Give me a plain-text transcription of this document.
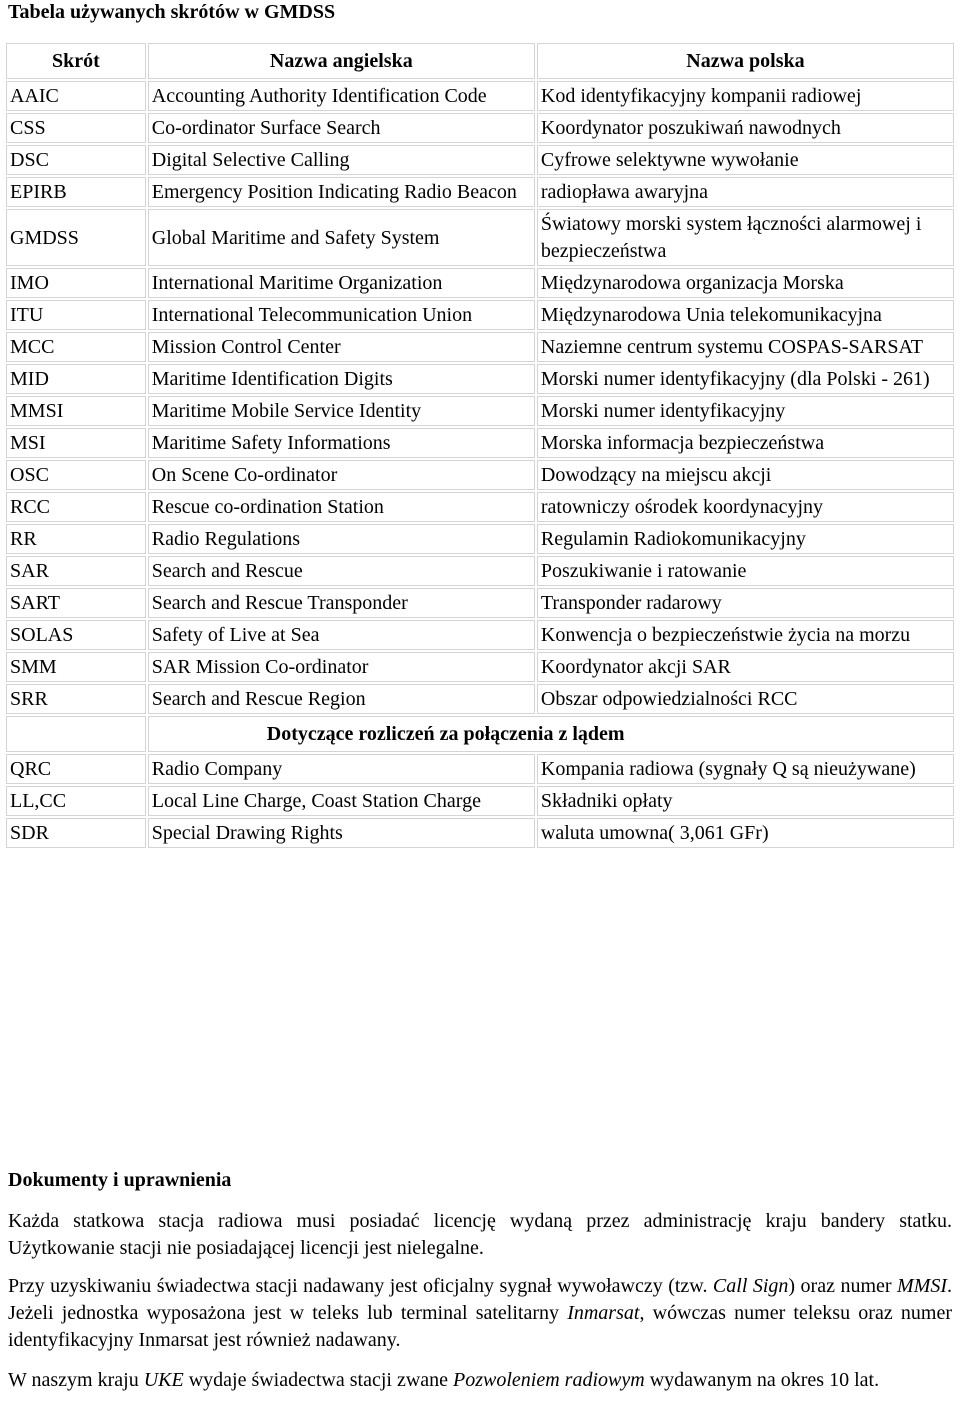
Tabela używanych skrótów w GMDSS
Skrót	Nazwa angielska	Nazwa polska
AAIC	Accounting Authority Identification Code	Kod identyfikacyjny kompanii radiowej
CSS	Co-ordinator Surface Search	Koordynator poszukiwań nawodnych
DSC	Digital Selective Calling	Cyfrowe selektywne wywołanie
EPIRB	Emergency Position Indicating Radio Beacon	radiopława awaryjna
GMDSS	Global Maritime and Safety System	Światowy morski system łączności alarmowej i bezpieczeństwa
IMO	International Maritime Organization	Międzynarodowa organizacja Morska
ITU	International Telecommunication Union	Międzynarodowa Unia telekomunikacyjna
MCC	Mission Control Center	Naziemne centrum systemu COSPAS-SARSAT
MID	Maritime Identification Digits	Morski numer identyfikacyjny (dla Polski - 261)
MMSI	Maritime Mobile Service Identity	Morski numer identyfikacyjny
MSI	Maritime Safety Informations	Morska informacja bezpieczeństwa
OSC	On Scene Co-ordinator	Dowodzący na miejscu akcji
RCC	Rescue co-ordination Station	ratowniczy ośrodek koordynacyjny
RR	Radio Regulations	Regulamin Radiokomunikacyjny
SAR	Search and Rescue	Poszukiwanie i ratowanie
SART	Search and Rescue Transponder	Transponder radarowy
SOLAS	Safety of Live at Sea	Konwencja o bezpieczeństwie życia na morzu
SMM	SAR Mission Co-ordinator	Koordynator akcji SAR
SRR	Search and Rescue Region	Obszar odpowiedzialności RCC
	Dotyczące rozliczeń za połączenia z lądem	
QRC	Radio Company	Kompania radiowa (sygnały Q są nieużywane)
LL,CC	Local Line Charge, Coast Station Charge	Składniki opłaty
SDR	Special Drawing Rights	waluta umowna( 3,061 GFr)
Dokumenty i uprawnienia

Każda statkowa stacja radiowa musi posiadać licencję wydaną przez administrację kraju bandery statku. Użytkowanie stacji nie posiadającej licencji jest nielegalne.

Przy uzyskiwaniu świadectwa stacji nadawany jest oficjalny sygnał wywoławczy (tzw. Call Sign) oraz numer MMSI. Jeżeli jednostka wyposażona jest w teleks lub terminal satelitarny Inmarsat, wówczas numer teleksu oraz numer identyfikacyjny Inmarsat jest również nadawany.

W naszym kraju UKE wydaje świadectwa stacji zwane Pozwoleniem radiowym wydawanym na okres 10 lat.
